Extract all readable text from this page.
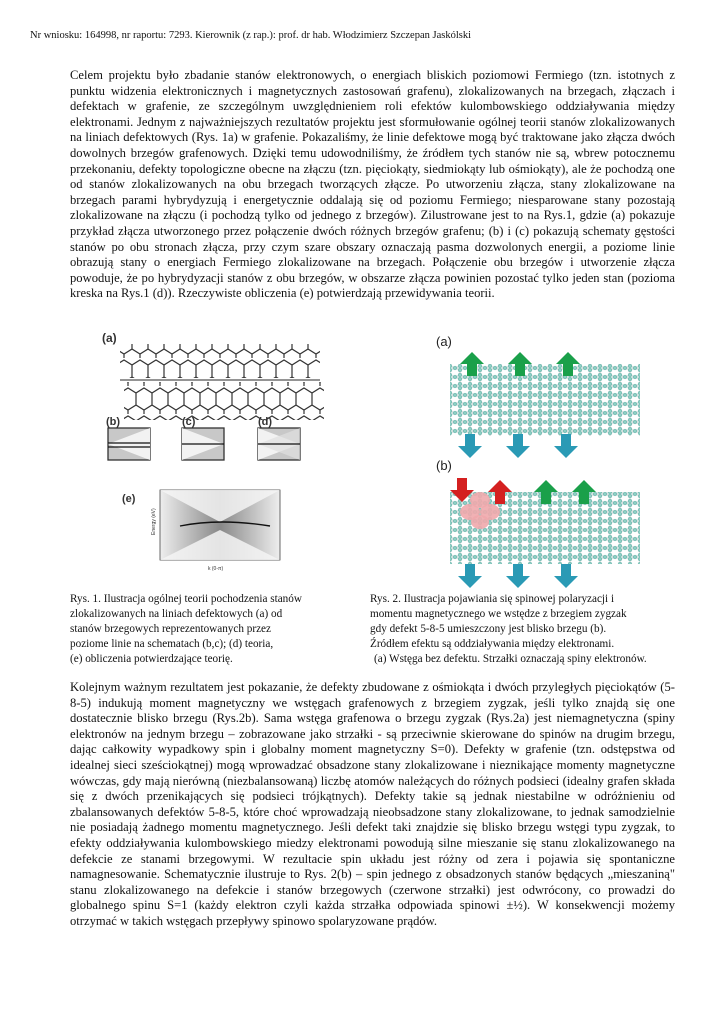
Nr wniosku: 164998, nr raportu: 7293. Kierownik (z rap.): prof. dr hab. Włodzimierz Szczepan Jaskólski

Celem projektu było zbadanie stanów elektronowych, o energiach bliskich poziomowi Fermiego (tzn. istotnych z punktu widzenia elektronicznych i magnetycznych zastosowań grafenu), zlokalizowanych na brzegach, złączach i defektach w grafenie, ze szczególnym uwzględnieniem roli efektów kulombowskiego oddziaływania między elektronami. Jednym z najważniejszych rezultatów projektu jest sformułowanie ogólnej teorii stanów zlokalizowanych na liniach defektowych (Rys. 1a) w grafenie. Pokazaliśmy, że linie defektowe mogą być traktowane jako złącza dwóch dowolnych brzegów grafenowych. Dzięki temu udowodniliśmy, że źródłem tych stanów nie są, wbrew potocznemu przekonaniu, defekty topologiczne obecne na złączu (tzn. pięciokąty, siedmiokąty lub ośmiokąty), ale że pochodzą one od stanów zlokalizowanych na obu brzegach tworzących złącze. Po utworzeniu złącza, stany zlokalizowane na brzegach parami hybrydyzują i energetycznie oddalają się od poziomu Fermiego; niesparowane stany pozostają zlokalizowane na złączu (i pochodzą tylko od jednego z brzegów). Zilustrowane jest to na Rys.1, gdzie (a) pokazuje przykład złącza utworzonego przez połączenie dwóch różnych brzegów grafenu; (b) i (c) pokazują schematy gęstości stanów po obu stronach złącza, przy czym szare obszary oznaczają pasma dozwolonych energii, a poziome linie obrazują stany o energiach Fermiego zlokalizowane na brzegach. Połączenie obu brzegów i utworzenie złącza powoduje, że po hybrydyzacji stanów z obu brzegów, w obszarze złącza powinien pozostać tylko jeden stan (pozioma kreska na Rys.1 (d)). Rzeczywiste obliczenia (e) potwierdzają przewidywania teorii.

(a)
(b)	(c)	(d)
(e)
Energy (eV)
k (0-π)
(a)
(b)
Rys. 1. Ilustracja ogólnej teorii pochodzenia stanów
zlokalizowanych na liniach defektowych (a) od
stanów brzegowych reprezentowanych przez
poziome linie na schematach (b,c); (d) teoria,
(e) obliczenia potwierdzające teorię.
Rys. 2. Ilustracja pojawiania się spinowej polaryzacji i
momentu magnetycznego we wstędze z brzegiem zygzak
gdy defekt 5-8-5 umieszczony jest blisko brzegu (b).
Źródłem efektu są oddziaływania między elektronami.
(a) Wstęga bez defektu. Strzałki oznaczają spiny elektronów.

Kolejnym ważnym rezultatem jest pokazanie, że defekty zbudowane z ośmiokąta i dwóch przyległych pięciokątów (5-8-5) indukują moment magnetyczny we wstęgach grafenowych z brzegiem zygzak, jeśli tylko znajdą się one dostatecznie blisko brzegu (Rys.2b). Sama wstęga grafenowa o brzegu zygzak (Rys.2a) jest niemagnetyczna (spiny elektronów na jednym brzegu – zobrazowane jako strzałki - są przeciwnie skierowane do spinów na drugim brzegu, dając całkowity wypadkowy spin i globalny moment magnetyczny S=0). Defekty w grafenie (tzn. odstępstwa od idealnej sieci sześciokątnej) mogą wprowadzać obsadzone stany zlokalizowane i nieznikające momenty magnetyczne wówczas, gdy mają nierówną (niezbalansowaną) liczbę atomów należących do różnych podsieci (idealny grafen składa się z dwóch przenikających się podsieci trójkątnych). Defekty takie są jednak niestabilne w odróżnieniu od zbalansowanych defektów 5-8-5, które choć wprowadzają nieobsadzone stany zlokalizowane, to jednak samodzielnie nie posiadają żadnego momentu magnetycznego. Jeśli defekt taki znajdzie się blisko brzegu wstęgi typu zygzak, to efekty oddziaływania kulombowskiego miedzy elektronami powodują silne mieszanie się stanu zlokalizowanego na defekcie ze stanami brzegowymi. W rezultacie spin układu jest różny od zera i pojawia się spontaniczne namagnesowanie. Schematycznie ilustruje to Rys. 2(b) – spin jednego z obsadzonych stanów będących „mieszaniną" stanu zlokalizowanego na defekcie i stanów brzegowych (czerwone strzałki) jest odwrócony, co prowadzi do globalnego spinu S=1 (każdy elektron czyli każda strzałka odpowiada spinowi ±½). W konsekwencji możemy otrzymać w takich wstęgach przepływy spinowo spolaryzowane prądów.
